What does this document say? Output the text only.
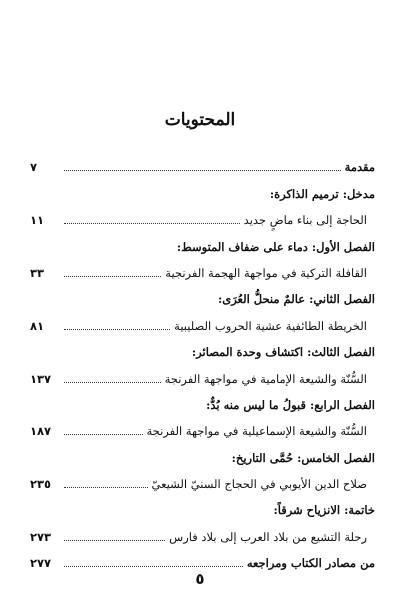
المحتويات
مقدمة
٧
مدخل: ترميم الذاكرة:
الحاجة إلى بناء ماضٍ جديد
١١
الفصل الأول: دماء على ضفاف المتوسط:
القافلة التركية في مواجهة الهجمة الفرنجية
٣٣
الفصل الثاني: عالمٌ منحلُّ العُرَى:
الخريطة الطائفية عشية الحروب الصليبية
٨١
الفصل الثالث: اكتشاف وحدة المصائر:
السُّنّة والشيعة الإمامية في مواجهة الفرنجة
١٣٧
الفصل الرابع: قبولُ ما ليس منه بُدٌّ:
السُّنّة والشيعة الإسماعيلية في مواجهة الفرنجة
١٨٧
الفصل الخامس: حُمَّى التاريخ:
صلاح الدين الأيوبي في الحجاج السنيّ الشيعيّ
٢٣٥
خاتمة: الانزياح شرقاً:
رحلة التشيع من بلاد العرب إلى بلاد فارس
٢٧٣
من مصادر الكتاب ومراجعه
٢٧٧
٥
